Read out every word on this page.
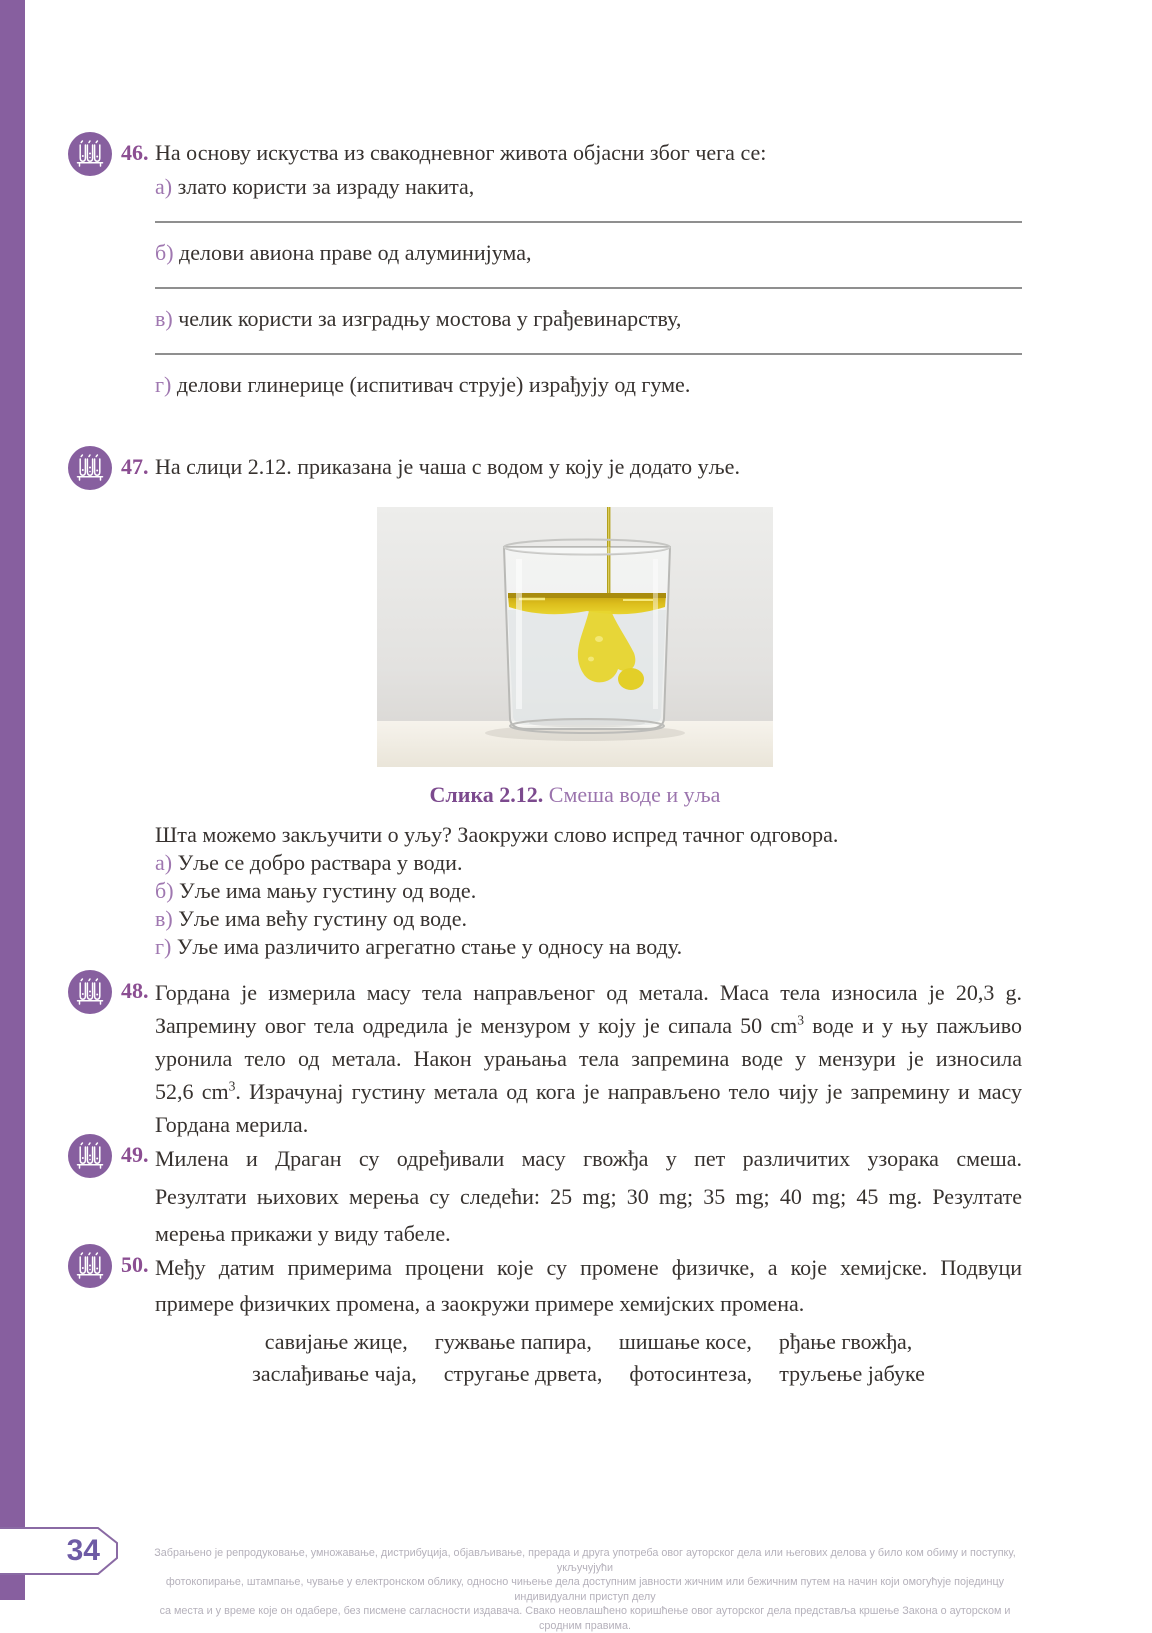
46. На основу искуства из свакодневног живота објасни због чега се:
а) злато користи за израду накита,
б) делови авиона праве од алуминијума,
в) челик користи за изградњу мостова у грађевинарству,
г) делови глинерице (испитивач струје) израђују од гуме.
47. На слици 2.12. приказана је чаша с водом у коју је додато уље.
Слика 2.12. Смеша воде и уља
Шта можемо закључити о уљу? Заокружи слово испред тачног одговора.
а) Уље се добро раствара у води.
б) Уље има мању густину од воде.
в) Уље има већу густину од воде.
г) Уље има различито агрегатно стање у односу на воду.
48. Гордана је измерила масу тела направљеног од метала. Маса тела износила је 20,3 g.
Запремину овог тела одредила је мензуром у коју је сипала 50 $cm^3$ воде и у њу пажљиво
уронила тело од метала. Након урањања тела запремина воде у мензури је износила
52,6 $cm^3$. Израчунај густину метала од кога је направљено тело чију је запремину и масу
Гордана мерила.
49. Милена и Драган су одређивали масу гвожђа у пет различитих узорака смеша.
Резултати њихових мерења су следећи: 25 mg; 30 mg; 35 mg; 40 mg; 45 mg. Резултате
мерења прикажи у виду табеле.
50. Међу датим примерима процени које су промене физичке, а које хемијске. Подвуци
примере физичких промена, а заокружи примере хемијских промена.
савијање жице, гужвање папира, шишање косе, рђање гвожђа,
заслађивање чаја, стругање дрвета, фотосинтеза, труљење јабуке
34	Забрањено је репродуковање, умножавање, дистрибуција, објављивање, прерада и друга употреба овог ауторског дела или његових делова у било ком обиму и поступку, укључујући
фотокопирање, штампање, чување у електронском облику, односно чињење дела доступним јавности жичним или бежичним путем на начин који омогућује појединцу индивидуални приступ делу
са места и у време које он одабере, без писмене сагласности издавача. Свако неовлашћено коришћење овог ауторског дела представља кршење Закона о ауторском и сродним правима.
